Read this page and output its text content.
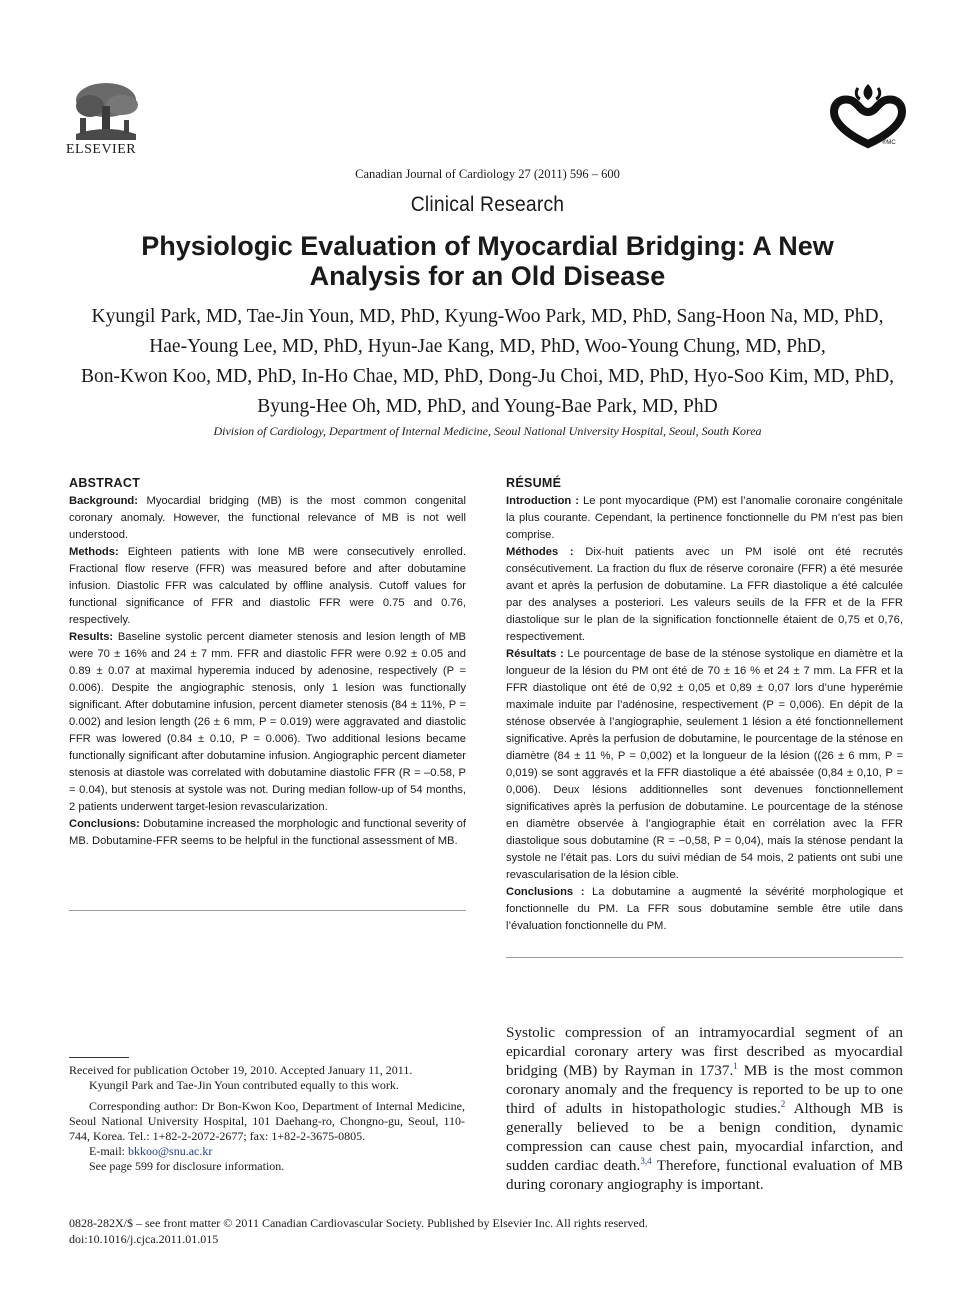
ELSEVIER	®MC
Canadian Journal of Cardiology 27 (2011) 596 – 600
Clinical Research
Physiologic Evaluation of Myocardial Bridging: A New
Analysis for an Old Disease
Kyungil Park, MD, Tae-Jin Youn, MD, PhD, Kyung-Woo Park, MD, PhD, Sang-Hoon Na, MD, PhD,
Hae-Young Lee, MD, PhD, Hyun-Jae Kang, MD, PhD, Woo-Young Chung, MD, PhD,
Bon-Kwon Koo, MD, PhD, In-Ho Chae, MD, PhD, Dong-Ju Choi, MD, PhD, Hyo-Soo Kim, MD, PhD,
Byung-Hee Oh, MD, PhD, and Young-Bae Park, MD, PhD
Division of Cardiology, Department of Internal Medicine, Seoul National University Hospital, Seoul, South Korea
ABSTRACT

Background: Myocardial bridging (MB) is the most common congenital coronary anomaly. However, the functional relevance of MB is not well understood.

Methods: Eighteen patients with lone MB were consecutively enrolled. Fractional flow reserve (FFR) was measured before and after dobutamine infusion. Diastolic FFR was calculated by offline analysis. Cutoff values for functional significance of FFR and diastolic FFR were 0.75 and 0.76, respectively.

Results: Baseline systolic percent diameter stenosis and lesion length of MB were 70 ± 16% and 24 ± 7 mm. FFR and diastolic FFR were 0.92 ± 0.05 and 0.89 ± 0.07 at maximal hyperemia induced by adenosine, respectively (P = 0.006). Despite the angiographic stenosis, only 1 lesion was functionally significant. After dobutamine infusion, percent diameter stenosis (84 ± 11%, P = 0.002) and lesion length (26 ± 6 mm, P = 0.019) were aggravated and diastolic FFR was lowered (0.84 ± 0.10, P = 0.006). Two additional lesions became functionally significant after dobutamine infusion. Angiographic percent diameter stenosis at diastole was correlated with dobutamine diastolic FFR (R = –0.58, P = 0.04), but stenosis at systole was not. During median follow-up of 54 months, 2 patients underwent target-lesion revascularization.

Conclusions: Dobutamine increased the morphologic and functional severity of MB. Dobutamine-FFR seems to be helpful in the functional assessment of MB.

RÉSUMÉ

Introduction : Le pont myocardique (PM) est l’anomalie coronaire congénitale la plus courante. Cependant, la pertinence fonctionnelle du PM n’est pas bien comprise.

Méthodes : Dix-huit patients avec un PM isolé ont été recrutés consécutivement. La fraction du flux de réserve coronaire (FFR) a été mesurée avant et après la perfusion de dobutamine. La FFR diastolique a été calculée par des analyses a posteriori. Les valeurs seuils de la FFR et de la FFR diastolique sur le plan de la signification fonctionnelle étaient de 0,75 et 0,76, respectivement.

Résultats : Le pourcentage de base de la sténose systolique en diamètre et la longueur de la lésion du PM ont été de 70 ± 16 % et 24 ± 7 mm. La FFR et la FFR diastolique ont été de 0,92 ± 0,05 et 0,89 ± 0,07 lors d’une hyperémie maximale induite par l’adénosine, respectivement (P = 0,006). En dépit de la sténose observée à l’angiographie, seulement 1 lésion a été fonctionnellement significative. Après la perfusion de dobutamine, le pourcentage de la sténose en diamètre (84 ± 11 %, P = 0,002) et la longueur de la lésion ((26 ± 6 mm, P = 0,019) se sont aggravés et la FFR diastolique a été abaissée (0,84 ± 0,10, P = 0,006). Deux lésions additionnelles sont devenues fonctionnellement significatives après la perfusion de dobutamine. Le pourcentage de la sténose en diamètre observée à l’angiographie était en corrélation avec la FFR diastolique sous dobutamine (R = −0,58, P = 0,04), mais la sténose pendant la systole ne l’était pas. Lors du suivi médian de 54 mois, 2 patients ont subi une revascularisation de la lésion cible.

Conclusions : La dobutamine a augmenté la sévérité morphologique et fonctionnelle du PM. La FFR sous dobutamine semble être utile dans l’évaluation fonctionnelle du PM.

Received for publication October 19, 2010. Accepted January 11, 2011.

Kyungil Park and Tae-Jin Youn contributed equally to this work.

Corresponding author: Dr Bon-Kwon Koo, Department of Internal Medicine, Seoul National University Hospital, 101 Daehang-ro, Chongno-gu, Seoul, 110-744, Korea. Tel.: 1+82-2-2072-2677; fax: 1+82-2-3675-0805.

E-mail: bkkoo@snu.ac.kr

See page 599 for disclosure information.

Systolic compression of an intramyocardial segment of an epicardial coronary artery was first described as myocardial bridging (MB) by Rayman in 1737.$^1$ MB is the most common coronary anomaly and the frequency is reported to be up to one third of adults in histopathologic studies.$^2$ Although MB is generally believed to be a benign condition, dynamic compression can cause chest pain, myocardial infarction, and sudden cardiac death.$^{3,4}$ Therefore, functional evaluation of MB during coronary angiography is important.
0828-282X/$ – see front matter © 2011 Canadian Cardiovascular Society. Published by Elsevier Inc. All rights reserved.
doi:10.1016/j.cjca.2011.01.015
